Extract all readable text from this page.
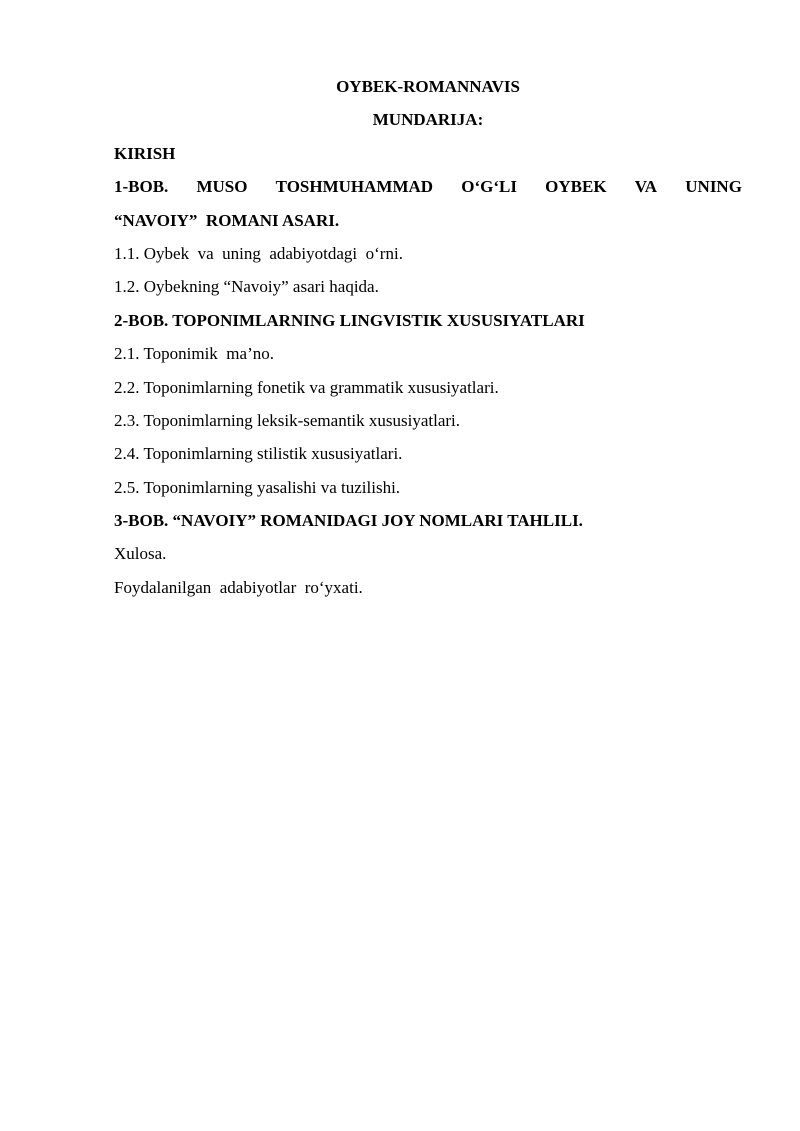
OYBEK-ROMANNAVIS
MUNDARIJA:
KIRISH
1-BOB. MUSO TOSHMUHAMMAD O‘G‘LI OYBEK VA UNING
“NAVOIY”  ROMANI ASARI.
1.1. Oybek  va  uning  adabiyotdagi  o‘rni.
1.2. Oybekning “Navoiy” asari haqida.
2-BOB. TOPONIMLARNING LINGVISTIK XUSUSIYATLARI
2.1. Toponimik  ma’no.
2.2. Toponimlarning fonetik va grammatik xususiyatlari.
2.3. Toponimlarning leksik-semantik xususiyatlari.
2.4. Toponimlarning stilistik xususiyatlari.
2.5. Toponimlarning yasalishi va tuzilishi.
3-BOB. “NAVOIY” ROMANIDAGI JOY NOMLARI TAHLILI.
Xulosa.
Foydalanilgan  adabiyotlar  ro‘yxati.
